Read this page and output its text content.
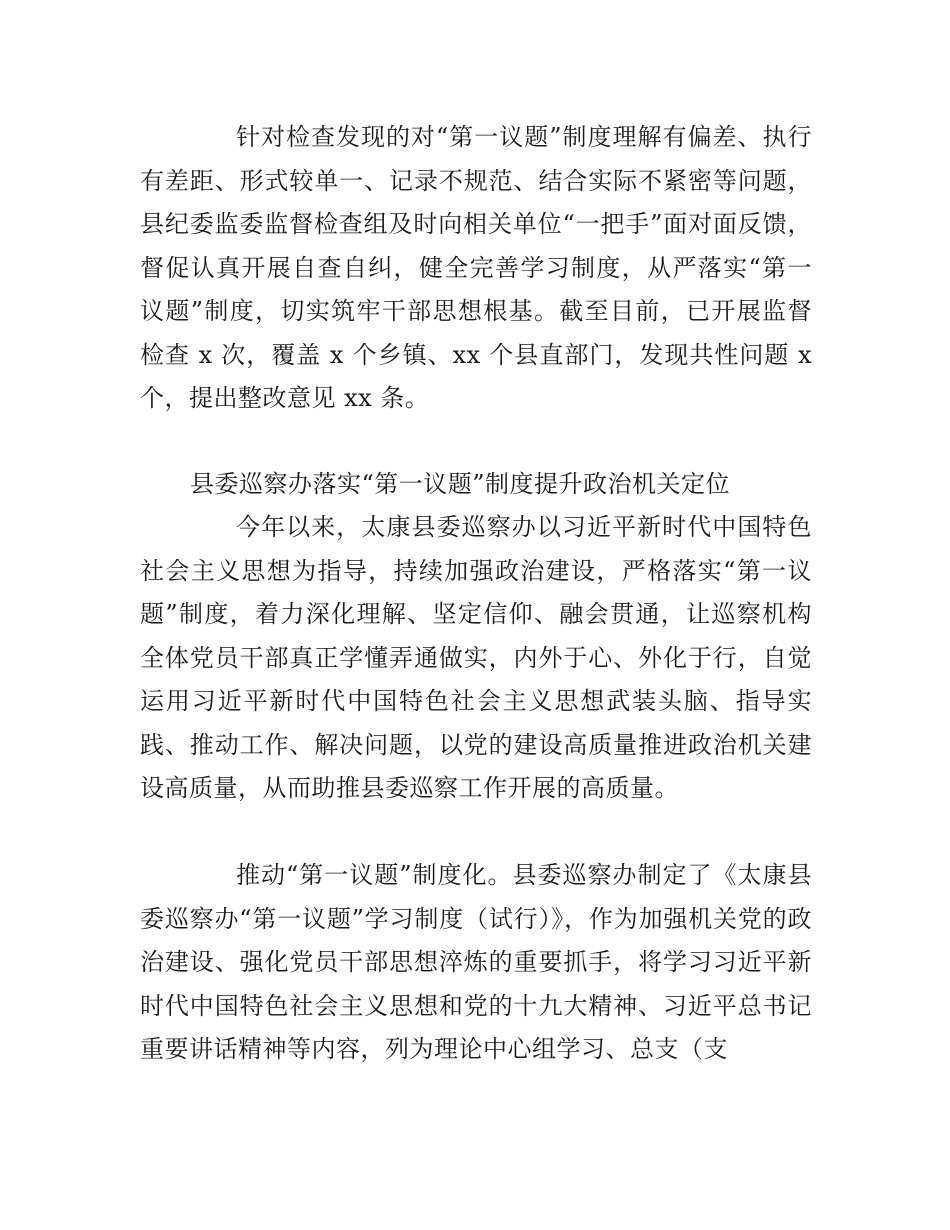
针对检查发现的对“第一议题”制度理解有偏差、执行有差距、形式较单一、记录不规范、结合实际不紧密等问题，县纪委监委监督检查组及时向相关单位“一把手”面对面反馈，督促认真开展自查自纠，健全完善学习制度，从严落实“第一议题”制度，切实筑牢干部思想根基。截至目前，已开展监督检查 x 次，覆盖 x 个乡镇、xx 个县直部门，发现共性问题 x 个，提出整改意见 xx 条。

县委巡察办落实“第一议题”制度提升政治机关定位

今年以来，太康县委巡察办以习近平新时代中国特色社会主义思想为指导，持续加强政治建设，严格落实“第一议题”制度，着力深化理解、坚定信仰、融会贯通，让巡察机构全体党员干部真正学懂弄通做实，内外于心、外化于行，自觉运用习近平新时代中国特色社会主义思想武装头脑、指导实践、推动工作、解决问题，以党的建设高质量推进政治机关建设高质量，从而助推县委巡察工作开展的高质量。

推动“第一议题”制度化。县委巡察办制定了《太康县委巡察办“第一议题”学习制度（试行）》，作为加强机关党的政治建设、强化党员干部思想淬炼的重要抓手，将学习习近平新时代中国特色社会主义思想和党的十九大精神、习近平总书记重要讲话精神等内容，列为理论中心组学习、总支（支
